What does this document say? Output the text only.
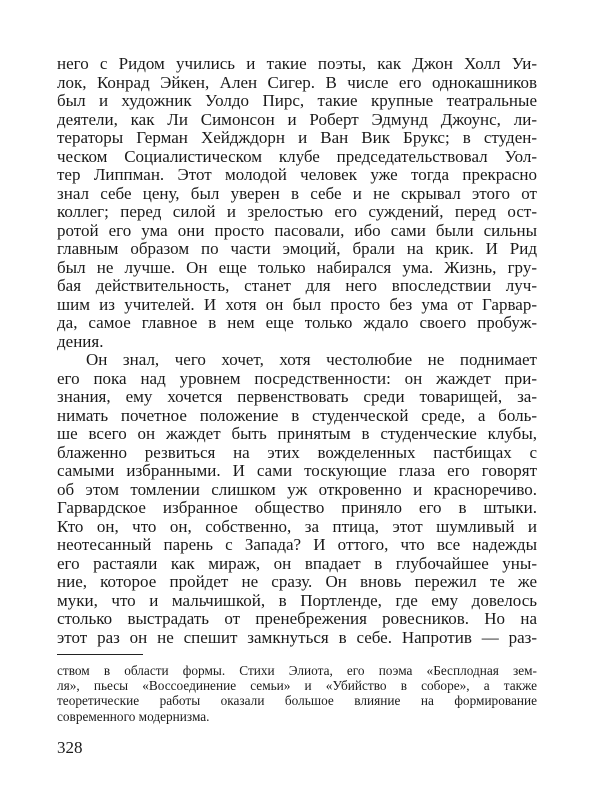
него с Ридом учились и такие поэты, как Джон Холл Уи-
лок, Конрад Эйкен, Ален Сигер. В числе его однокашников
был и художник Уолдо Пирс, такие крупные театральные
деятели, как Ли Симонсон и Роберт Эдмунд Джоунс, ли-
тераторы Герман Хейдждорн и Ван Вик Брукс; в студен-
ческом Социалистическом клубе председательствовал Уол-
тер Липпман. Этот молодой человек уже тогда прекрасно
знал себе цену, был уверен в себе и не скрывал этого от
коллег; перед силой и зрелостью его суждений, перед ост-
ротой его ума они просто пасовали, ибо сами были сильны
главным образом по части эмоций, брали на крик. И Рид
был не лучше. Он еще только набирался ума. Жизнь, гру-
бая действительность, станет для него впоследствии луч-
шим из учителей. И хотя он был просто без ума от Гарвар-
да, самое главное в нем еще только ждало своего пробуж-
дения.
Он знал, чего хочет, хотя честолюбие не поднимает
его пока над уровнем посредственности: он жаждет при-
знания, ему хочется первенствовать среди товарищей, за-
нимать почетное положение в студенческой среде, а боль-
ше всего он жаждет быть принятым в студенческие клубы,
блаженно резвиться на этих вожделенных пастбищах с
самыми избранными. И сами тоскующие глаза его говорят
об этом томлении слишком уж откровенно и красноречиво.
Гарвардское избранное общество приняло его в штыки.
Кто он, что он, собственно, за птица, этот шумливый и
неотесанный парень с Запада? И оттого, что все надежды
его растаяли как мираж, он впадает в глубочайшее уны-
ние, которое пройдет не сразу. Он вновь пережил те же
муки, что и мальчишкой, в Портленде, где ему довелось
столько выстрадать от пренебрежения ровесников. Но на
этот раз он не спешит замкнуться в себе. Напротив — раз-
ством в области формы. Стихи Элиота, его поэма «Бесплодная зем-
ля», пьесы «Воссоединение семьи» и «Убийство в соборе», а также
теоретические работы оказали большое влияние на формирование
современного модернизма.
328
